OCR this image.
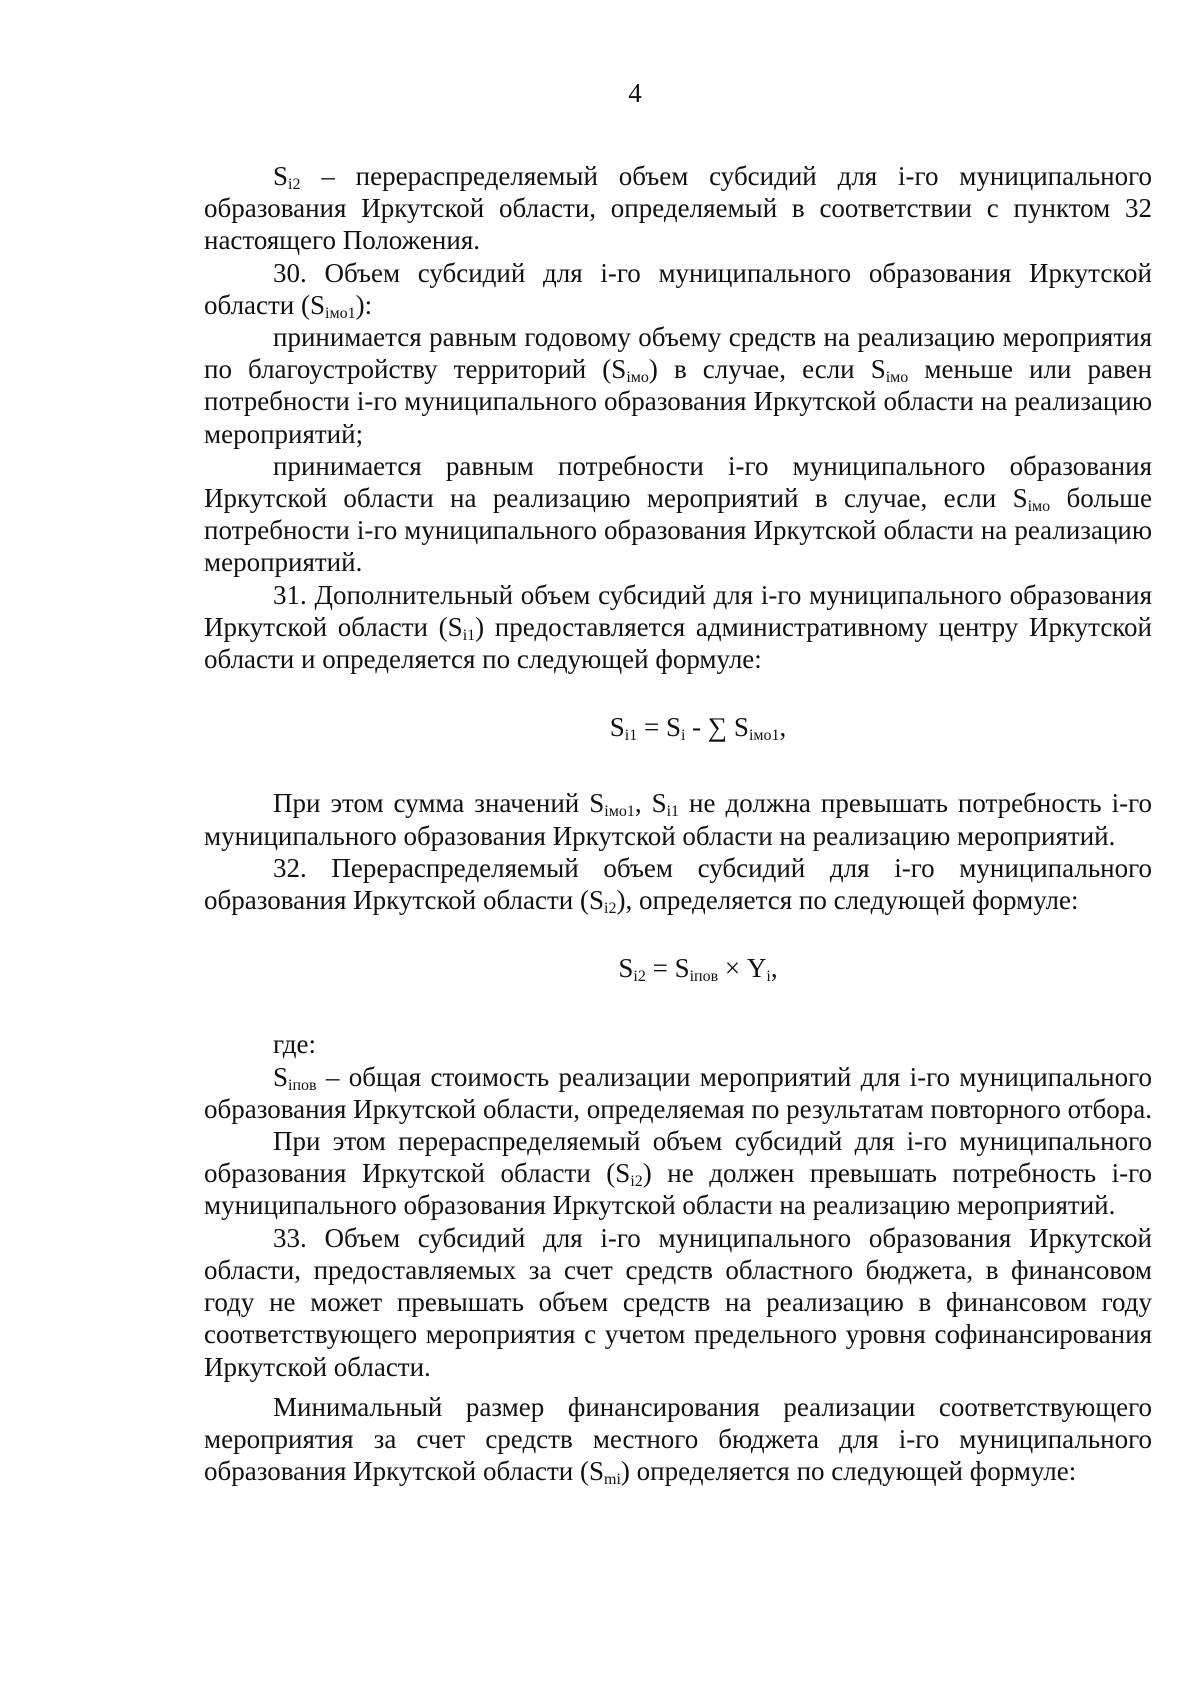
4

$S_{i2}$ – перераспределяемый объем субсидий для i-го муниципального образования Иркутской области, определяемый в соответствии с пунктом 32 настоящего Положения.

30. Объем субсидий для i-го муниципального образования Иркутской области $(S_{iмо1})$:

принимается равным годовому объему средств на реализацию мероприятия по благоустройству территорий $(S_{iмо})$ в случае, если $S_{iмо}$ меньше или равен потребности i-го муниципального образования Иркутской области на реализацию мероприятий;

принимается равным потребности i-го муниципального образования Иркутской области на реализацию мероприятий в случае, если $S_{iмо}$ больше потребности i-го муниципального образования Иркутской области на реализацию мероприятий.

31. Дополнительный объем субсидий для i-го муниципального образования Иркутской области $(S_{i1})$ предоставляется административному центру Иркутской области и определяется по следующей формуле:

$S_{i1} = S_i$ - ∑ $S_{iмо1}$,

При этом сумма значений $S_{iмо1}$, $S_{i1}$ не должна превышать потребность i-го муниципального образования Иркутской области на реализацию мероприятий.

32. Перераспределяемый объем субсидий для i-го муниципального образования Иркутской области $(S_{i2})$, определяется по следующей формуле:

$S_{i2} = S_{iпов} \times Y_i$,

где:

$S_{iпов}$ – общая стоимость реализации мероприятий для i-го муниципального образования Иркутской области, определяемая по результатам повторного отбора.

При этом перераспределяемый объем субсидий для i-го муниципального образования Иркутской области $(S_{i2})$ не должен превышать потребность i-го муниципального образования Иркутской области на реализацию мероприятий.

33. Объем субсидий для i-го муниципального образования Иркутской области, предоставляемых за счет средств областного бюджета, в финансовом году не может превышать объем средств на реализацию в финансовом году соответствующего мероприятия с учетом предельного уровня софинансирования Иркутской области.

Минимальный размер финансирования реализации соответствующего мероприятия за счет средств местного бюджета для i-го муниципального образования Иркутской области $(S_{mi})$ определяется по следующей формуле:
